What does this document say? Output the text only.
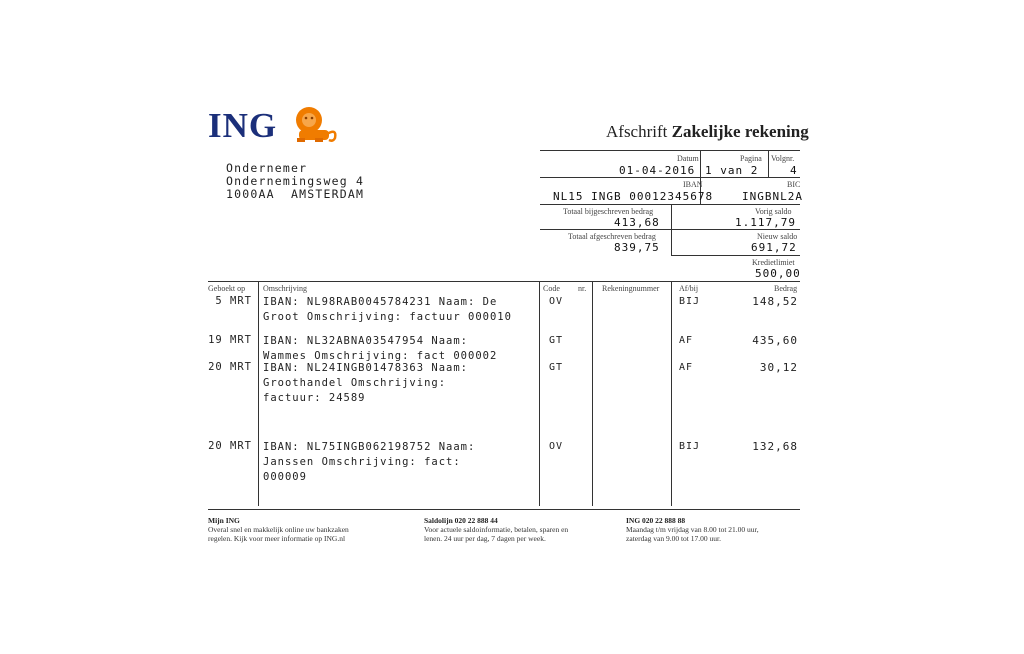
ING	Afschrift Zakelijke rekening
Ondernemer
Ondernemingsweg 4
1000AA  AMSTERDAM
Datum
01-04-2016
Pagina
1 van 2
Volgnr.
4
IBAN
NL15 INGB 00012345678
BIC
INGBNL2A
Totaal bijgeschreven bedrag
413,68
Vorig saldo
1.117,79
Totaal afgeschreven bedrag
839,75
Nieuw saldo
691,72
Kredietlimiet
500,00
Geboekt op Omschrijving	Code nr. Rekeningnummer Af/bij	Bedrag
5 MRT IBAN: NL98RAB0045784231 Naam: De
Groot Omschrijving: factuur 000010
OV	BIJ	148,52
19 MRT IBAN: NL32ABNA03547954 Naam:
Wammes Omschrijving: fact 000002
GT	AF	435,60
20 MRT IBAN: NL24INGB01478363 Naam:
Groothandel Omschrijving:
factuur: 24589
GT	AF	30,12
20 MRT IBAN: NL75INGB062198752 Naam:
Janssen Omschrijving: fact:
000009
OV	BIJ	132,68
Mijn ING
Overal snel en makkelijk online uw bankzaken
regelen. Kijk voor meer informatie op ING.nl
Saldolijn 020 22 888 44
Voor actuele saldoinformatie, betalen, sparen en
lenen. 24 uur per dag, 7 dagen per week.
ING 020 22 888 88
Maandag t/m vrijdag van 8.00 tot 21.00 uur,
zaterdag van 9.00 tot 17.00 uur.
